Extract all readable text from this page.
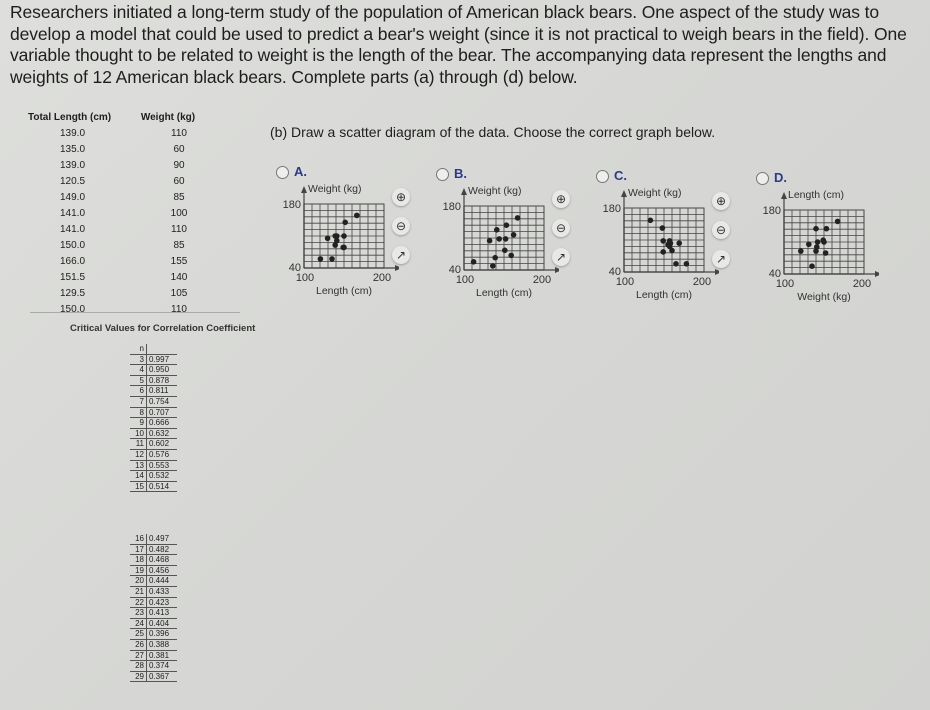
Researchers initiated a long-term study of the population of American black bears. One aspect of the study was to develop a model that could be used to predict a bear's weight (since it is not practical to weigh bears in the field). One variable thought to be related to weight is the length of the bear. The accompanying data represent the lengths and weights of 12 American black bears. Complete parts (a) through (d) below.
Total Length (cm)	Weight (kg)
139.0	110
135.0	60
139.0	90
120.5	60
149.0	85
141.0	100
141.0	110
150.0	85
166.0	155
151.5	140
129.5	105
150.0	110
Critical Values for Correlation Coefficient
n	
3	0.997
4	0.950
5	0.878
6	0.811
7	0.754
8	0.707
9	0.666
10	0.632
11	0.602
12	0.576
13	0.553
14	0.532
15	0.514
16	0.497
17	0.482
18	0.468
19	0.456
20	0.444
21	0.433
22	0.423
23	0.413
24	0.404
25	0.396
26	0.388
27	0.381
28	0.374
29	0.367
(b) Draw a scatter diagram of the data. Choose the correct graph below.
A.
Weight (kg)
180
40
100	200
Length (cm)
⊕
⊖
↗
B.
Weight (kg)
180
40
100	200
Length (cm)
⊕
⊖
↗
C.
Weight (kg)
180
40
100	200
Length (cm)
⊕
⊖
↗
D.
Length (cm)
180
40
100	200
Weight (kg)
